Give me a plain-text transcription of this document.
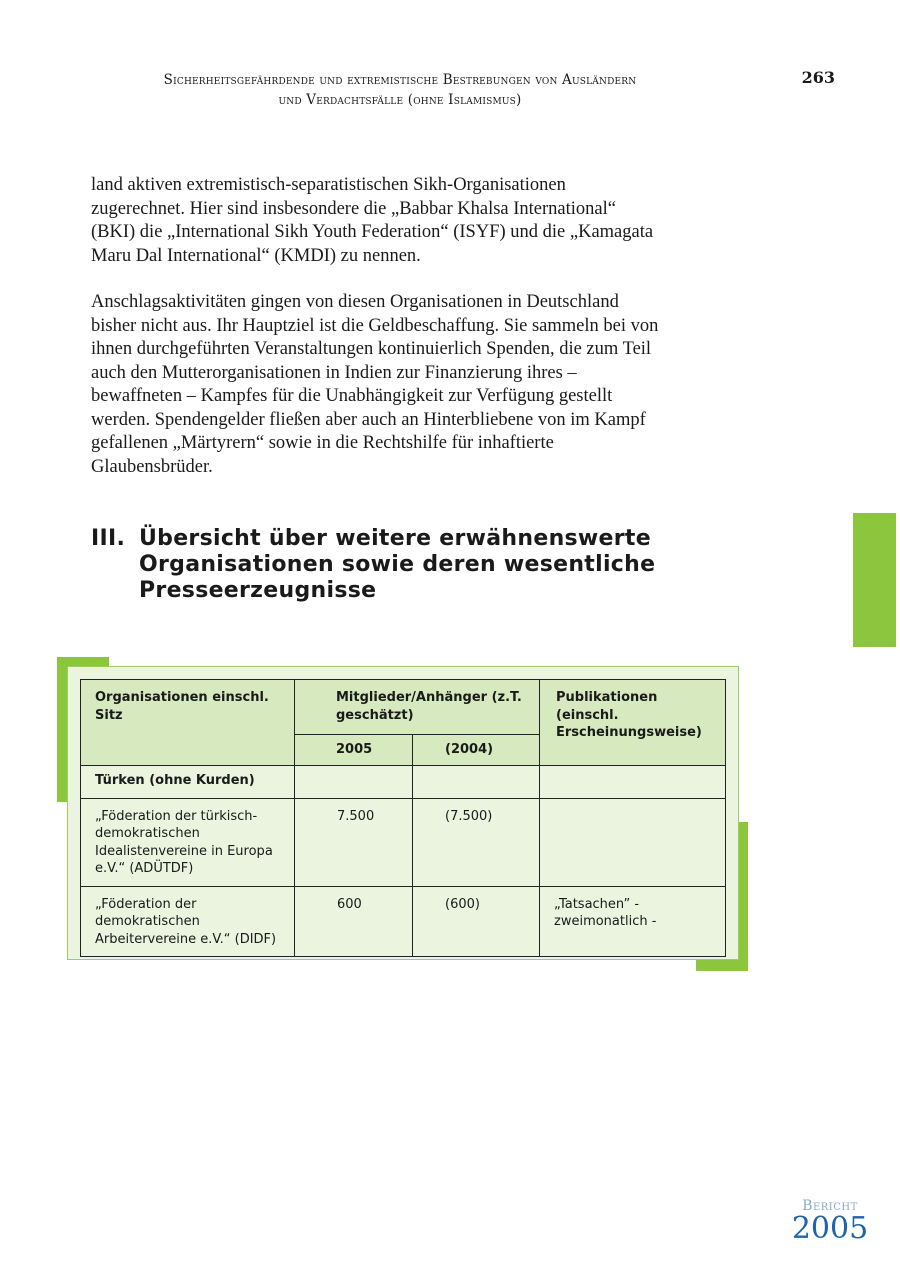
Sicherheitsgefährdende und extremistische Bestrebungen von Ausländern
und Verdachtsfälle (ohne Islamismus)
263

land aktiven extremistisch-separatistischen Sikh-Organisationen zugerechnet. Hier sind insbesondere die „Babbar Khalsa International“ (BKI) die „International Sikh Youth Federation“ (ISYF) und die „Kamagata Maru Dal International“ (KMDI) zu nennen.

Anschlagsaktivitäten gingen von diesen Organisationen in Deutschland bisher nicht aus. Ihr Hauptziel ist die Geldbeschaffung. Sie sammeln bei von ihnen durchgeführten Veranstaltungen kontinuierlich Spenden, die zum Teil auch den Mutterorganisationen in Indien zur Finanzierung ihres – bewaffneten – Kampfes für die Unabhängigkeit zur Verfügung gestellt werden. Spendengelder fließen aber auch an Hinterbliebene von im Kampf gefallenen „Märtyrern“ sowie in die Rechtshilfe für inhaftierte Glaubensbrüder.

III. Übersicht über weitere erwähnenswerte Organisationen sowie deren wesentliche Presseerzeugnisse
Organisationen einschl. Sitz	Mitglieder/Anhänger (z.T. geschätzt)		Publikationen (einschl. Erscheinungsweise)

	2005	(2004)	

Türken (ohne Kurden)			

„Föderation der türkisch-demokratischen Idealistenvereine in Europa e.V.“ (ADÜTDF)	7.500	(7.500)	

„Föderation der demokratischen Arbeitervereine e.V.“ (DIDF)	600	(600)	„Tatsachen” - zweimonatlich -
Bericht
2005
